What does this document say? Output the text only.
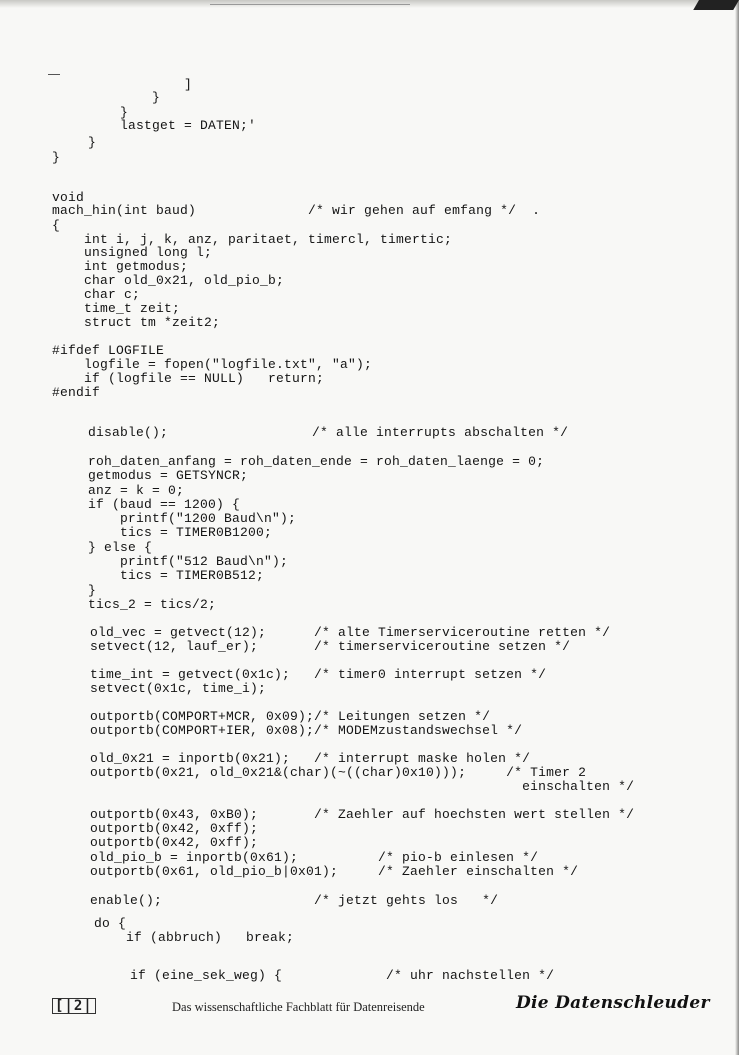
]
}
}
lastget = DATEN;'
}
}
void
mach_hin(int baud)              /* wir gehen auf emfang */  .
{
int i, j, k, anz, paritaet, timercl, timertic;
unsigned long l;
int getmodus;
char old_0x21, old_pio_b;
char c;
time_t zeit;
struct tm *zeit2;
#ifdef LOGFILE
logfile = fopen("logfile.txt", "a");
if (logfile == NULL)   return;
#endif
disable();                  /* alle interrupts abschalten */
roh_daten_anfang = roh_daten_ende = roh_daten_laenge = 0;
getmodus = GETSYNCR;
anz = k = 0;
if (baud == 1200) {
printf("1200 Baud\n");
tics = TIMER0B1200;
} else {
printf("512 Baud\n");
tics = TIMER0B512;
}
tics_2 = tics/2;
old_vec = getvect(12);      /* alte Timerserviceroutine retten */
setvect(12, lauf_er);       /* timerserviceroutine setzen */
time_int = getvect(0x1c);   /* timer0 interrupt setzen */
setvect(0x1c, time_i);
outportb(COMPORT+MCR, 0x09);/* Leitungen setzen */
outportb(COMPORT+IER, 0x08);/* MODEMzustandswechsel */
old_0x21 = inportb(0x21);   /* interrupt maske holen */
outportb(0x21, old_0x21&(char)(~((char)0x10)));     /* Timer 2
einschalten */
outportb(0x43, 0xB0);       /* Zaehler auf hoechsten wert stellen */
outportb(0x42, 0xff);
outportb(0x42, 0xff);
old_pio_b = inportb(0x61);          /* pio-b einlesen */
outportb(0x61, old_pio_b|0x01);     /* Zaehler einschalten */
enable();                   /* jetzt gehts los   */
do {
if (abbruch)   break;
if (eine_sek_weg) {             /* uhr nachstellen */
[|2|	Das wissenschaftliche Fachblatt für Datenreisende	Die Datenschleuder
